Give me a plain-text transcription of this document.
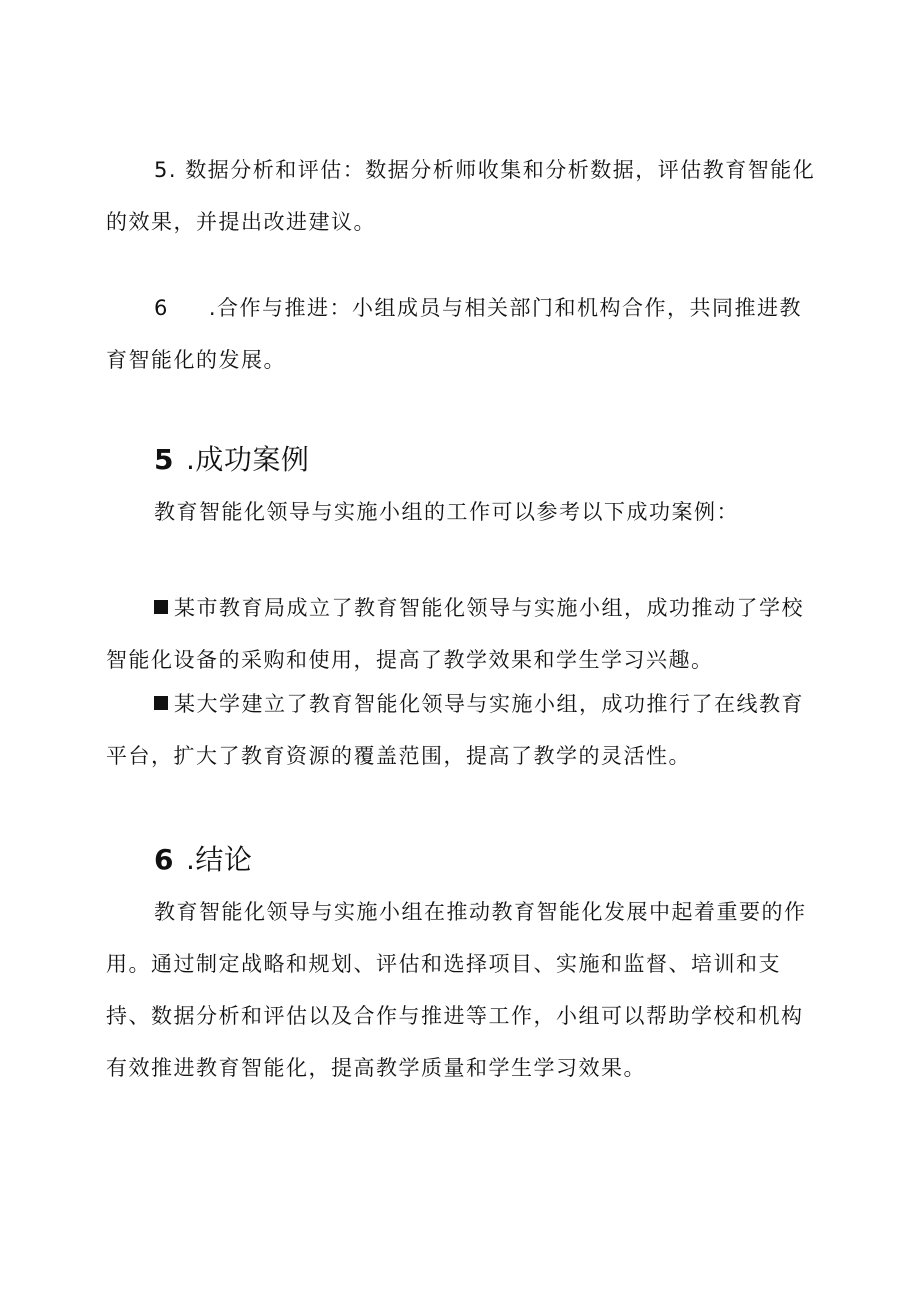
5. 数据分析和评估：数据分析师收集和分析数据，评估教育智能化的效果，并提出改进建议。

6 .合作与推进：小组成员与相关部门和机构合作，共同推进教育智能化的发展。

5 .成功案例

教育智能化领导与实施小组的工作可以参考以下成功案例：

某市教育局成立了教育智能化领导与实施小组，成功推动了学校智能化设备的采购和使用，提高了教学效果和学生学习兴趣。

某大学建立了教育智能化领导与实施小组，成功推行了在线教育平台，扩大了教育资源的覆盖范围，提高了教学的灵活性。

6 .结论

教育智能化领导与实施小组在推动教育智能化发展中起着重要的作用。通过制定战略和规划、评估和选择项目、实施和监督、培训和支持、数据分析和评估以及合作与推进等工作，小组可以帮助学校和机构有效推进教育智能化，提高教学质量和学生学习效果。
